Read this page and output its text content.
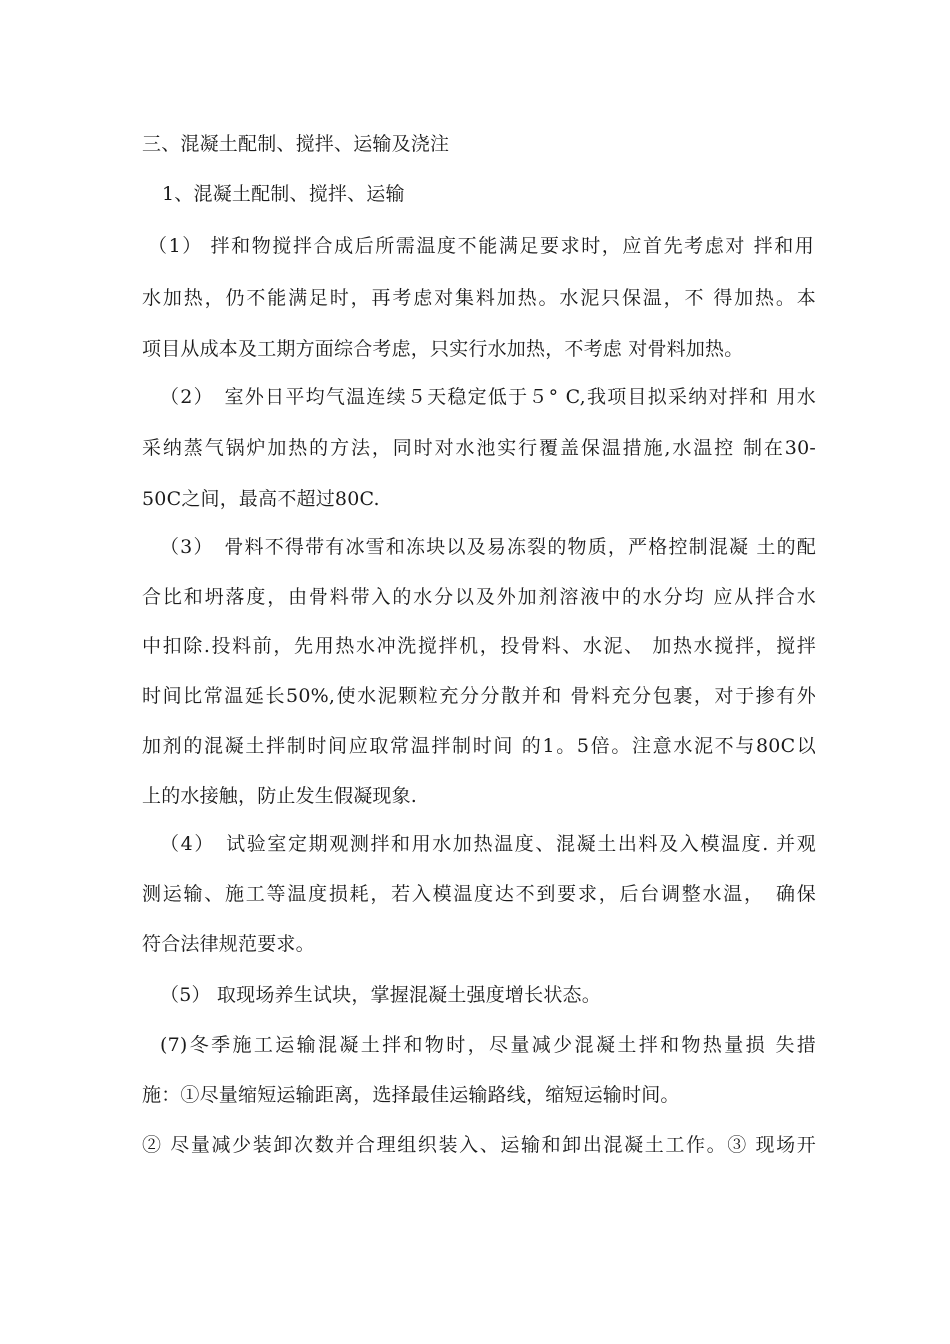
三、混凝土配制、搅拌、运输及浇注
1、混凝土配制、搅拌、运输
（1） 拌和物搅拌合成后所需温度不能满足要求时，应首先考虑对 拌和用
水加热，仍不能满足时，再考虑对集料加热。水泥只保温，不 得加热。本
项目从成本及工期方面综合考虑，只实行水加热，不考虑 对骨料加热。
（2）　室外日平均气温连续５天稳定低于５° C,我项目拟采纳对拌和 用水
采纳蒸气锅炉加热的方法，同时对水池实行覆盖保温措施,水温控 制在30-
50C之间，最高不超过80C.
（3）　骨料不得带有冰雪和冻块以及易冻裂的物质，严格控制混凝 土的配
合比和坍落度，由骨料带入的水分以及外加剂溶液中的水分均 应从拌合水
中扣除.投料前，先用热水冲洗搅拌机，投骨料、水泥、 加热水搅拌，搅拌
时间比常温延长50%,使水泥颗粒充分分散并和 骨料充分包裹，对于掺有外
加剂的混凝土拌制时间应取常温拌制时间 的1。5倍。注意水泥不与80C以
上的水接触，防止发生假凝现象.
（4）　试验室定期观测拌和用水加热温度、混凝土出料及入模温度. 并观
测运输、施工等温度损耗，若入模温度达不到要求，后台调整水温，　确保
符合法律规范要求。
（5） 取现场养生试块，掌握混凝土强度增长状态。
(7)冬季施工运输混凝土拌和物时，尽量减少混凝土拌和物热量损 失措
施：①尽量缩短运输距离，选择最佳运输路线，缩短运输时间。
② 尽量减少装卸次数并合理组织装入、运输和卸出混凝土工作。③ 现场开
